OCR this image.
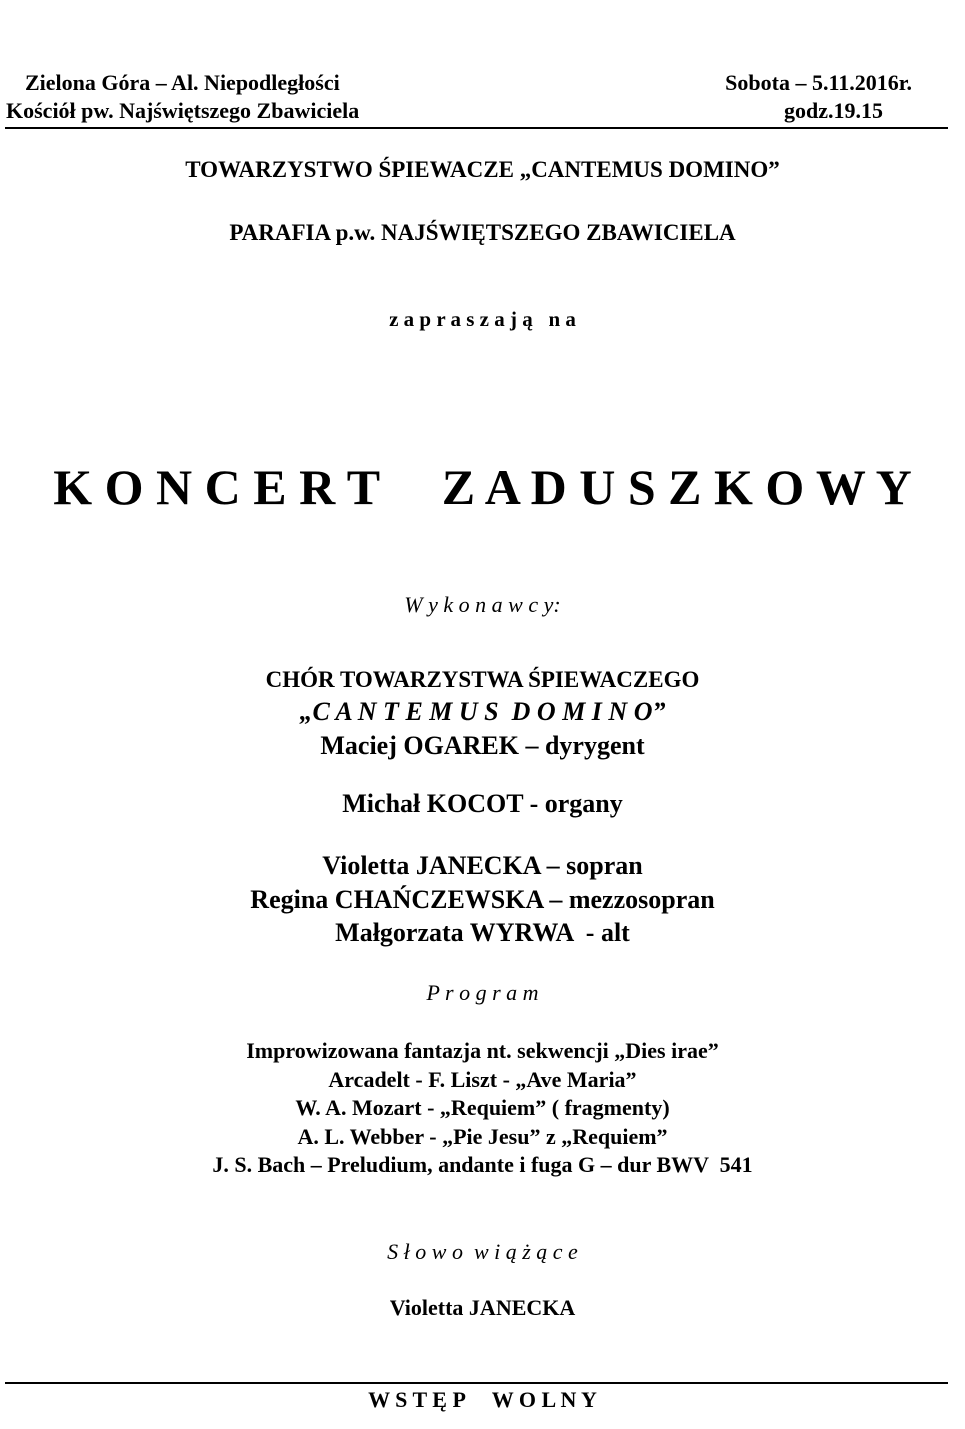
Zielona Góra – Al. Niepodległości
Kościół pw. Najświętszego Zbawiciela
Sobota – 5.11.2016r.
godz.19.15
TOWARZYSTWO ŚPIEWACZE „CANTEMUS DOMINO”
PARAFIA p.w. NAJŚWIĘTSZEGO ZBAWICIELA
z a p r a s z a j ą   n a
K O N C E R T     Z A D U S Z K O W Y
W y k o n a w c y:
CHÓR TOWARZYSTWA ŚPIEWACZEGO
„C A N T E M U S  D O M I N O”
Maciej OGAREK – dyrygent
Michał KOCOT - organy
Violetta JANECKA – sopran
Regina CHAŃCZEWSKA – mezzosopran
Małgorzata WYRWA  - alt
P r o g r a m
Improwizowana fantazja nt. sekwencji „Dies irae”
Arcadelt - F. Liszt - „Ave Maria”
W. A. Mozart - „Requiem” ( fragmenty)
A. L. Webber - „Pie Jesu” z „Requiem”
J. S. Bach – Preludium, andante i fuga G – dur BWV  541
S ł o w o  w i ą ż ą c e
Violetta JANECKA
W S T Ę P     W O L N Y
